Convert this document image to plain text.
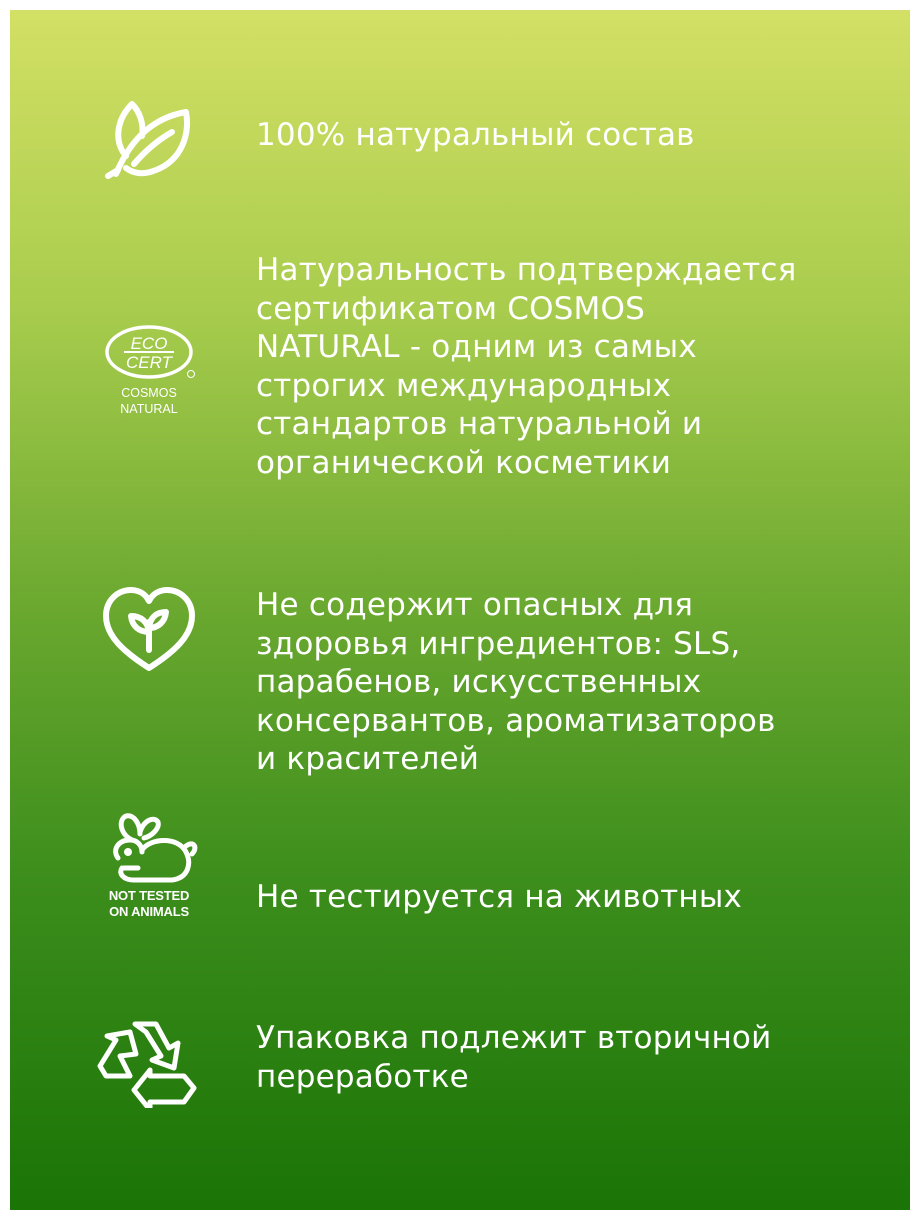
100% натуральный состав

ECO
CERT
COSMOS
NATURAL

Натуральность подтверждается
сертификатом COSMOS
NATURAL - одним из самых
строгих международных
стандартов натуральной и
органической косметики

Не содержит опасных для
здоровья ингредиентов: SLS,
парабенов, искусственных
консервантов, ароматизаторов
и красителей

NOT TESTED
ON ANIMALS	Не тестируется на животных

Упаковка подлежит вторичной
переработке
